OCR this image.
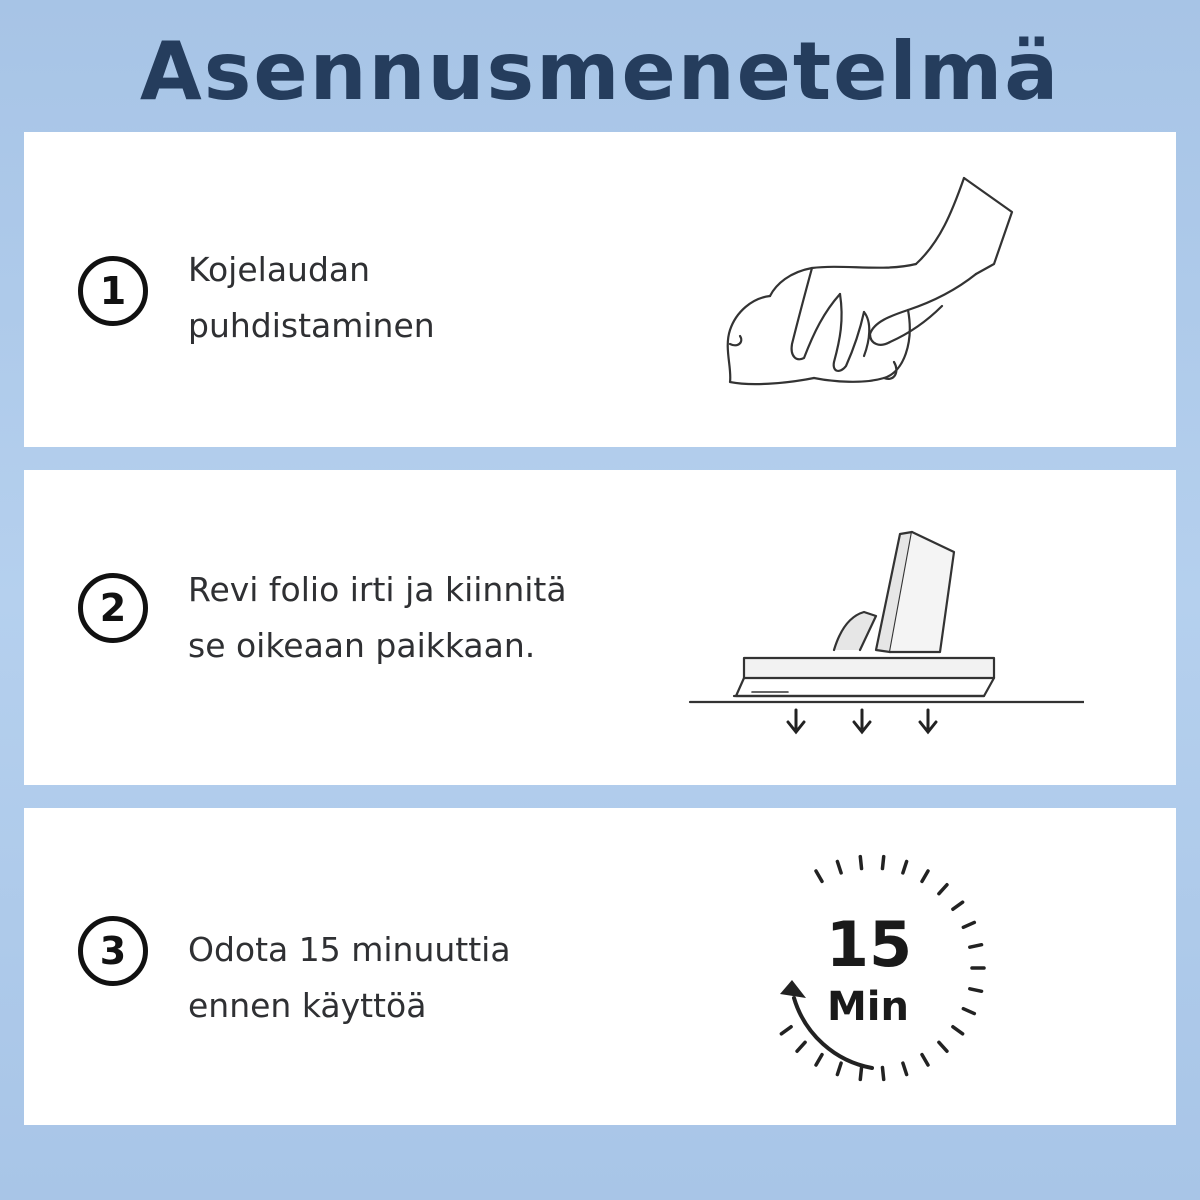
Asennusmenetelmä
1	Kojelaudan
puhdistaminen
2	Revi folio irti ja kiinnitä
se oikeaan paikkaan.
3	Odota 15 minuuttia
ennen käyttöä
15
Min
